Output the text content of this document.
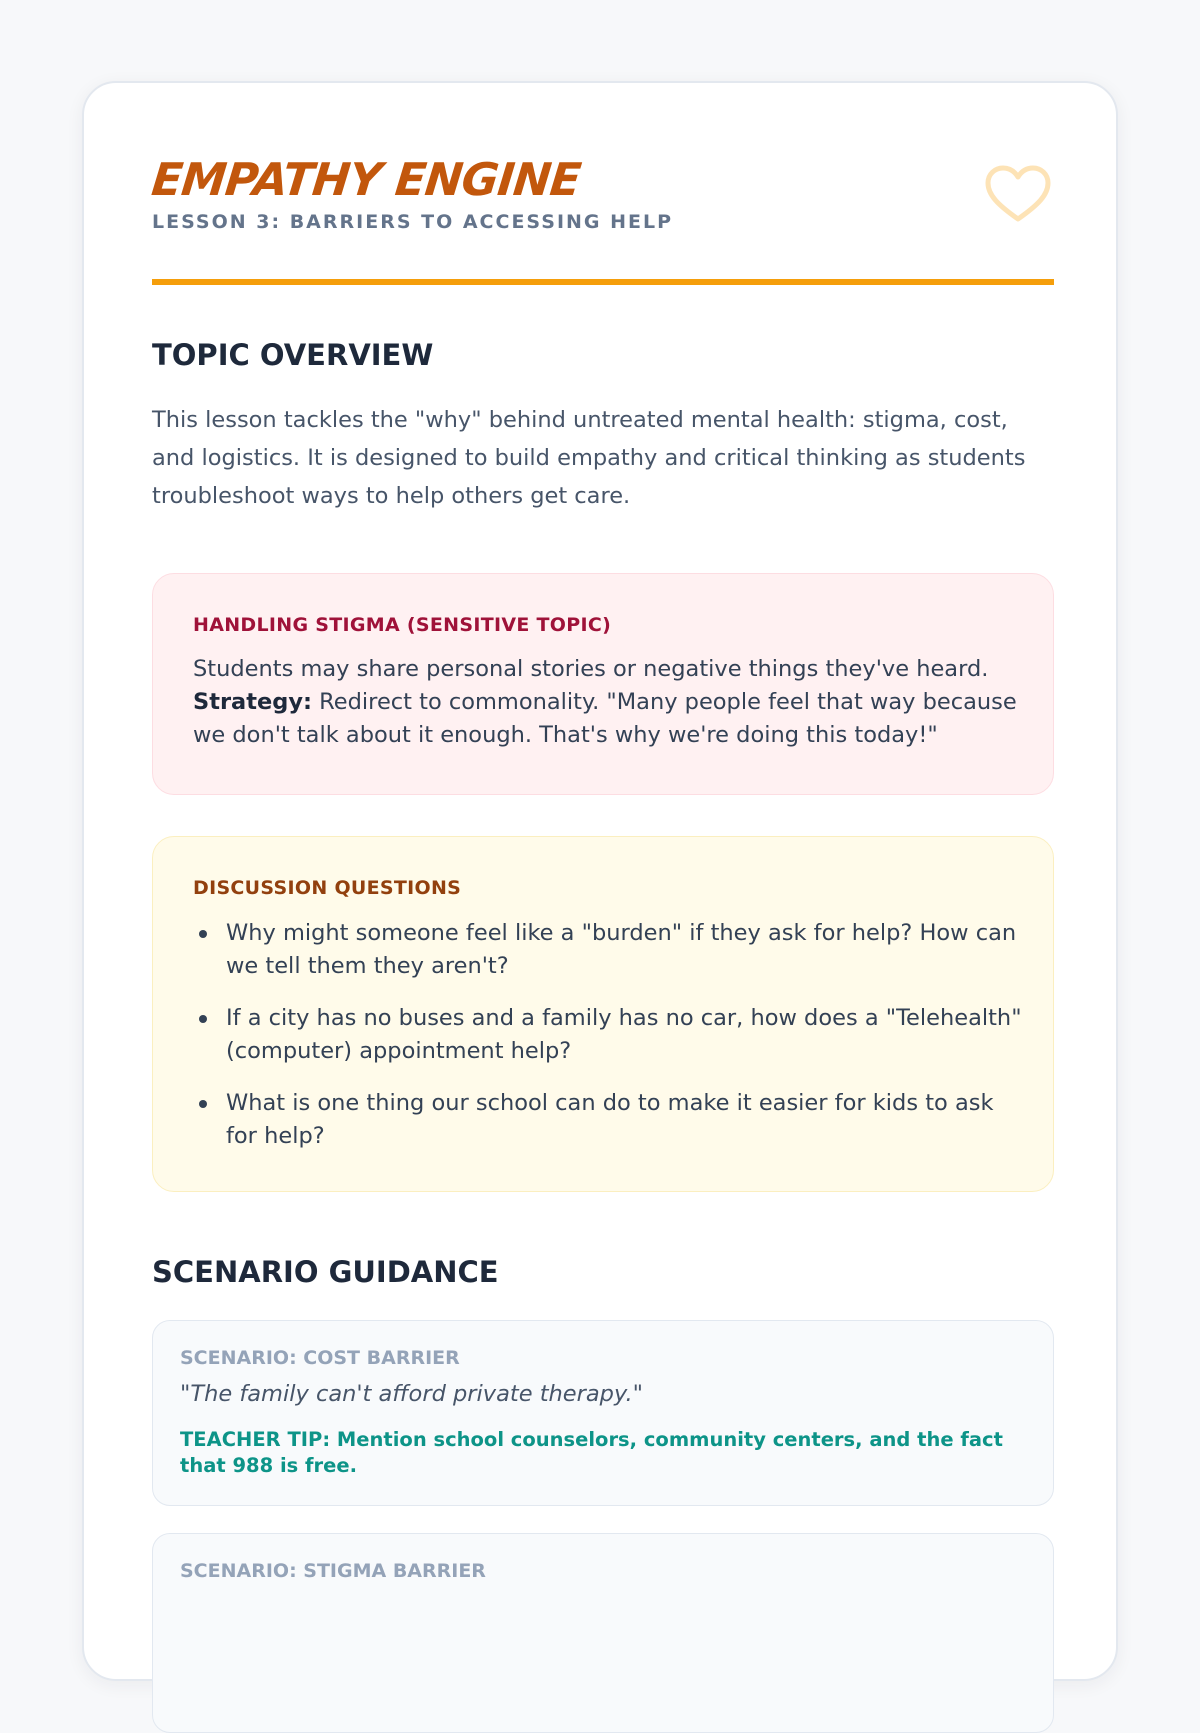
EMPATHY ENGINE
LESSON 3: BARRIERS TO ACCESSING HELP
TOPIC OVERVIEW

This lesson tackles the "why" behind untreated mental health: stigma, cost, and logistics. It is designed to build empathy and critical thinking as students troubleshoot ways to help others get care.

HANDLING STIGMA (SENSITIVE TOPIC)

Students may share personal stories or negative things they've heard.
Strategy: Redirect to commonality. "Many people feel that way because we don't talk about it enough. That's why we're doing this today!"

DISCUSSION QUESTIONS
Why might someone feel like a "burden" if they ask for help? How can we tell them they aren't?
If a city has no buses and a family has no car, how does a "Telehealth" (computer) appointment help?
What is one thing our school can do to make it easier for kids to ask for help?
SCENARIO GUIDANCE
SCENARIO: COST BARRIER

"The family can't afford private therapy."

TEACHER TIP: Mention school counselors, community centers, and the fact that 988 is free.

SCENARIO: STIGMA BARRIER
